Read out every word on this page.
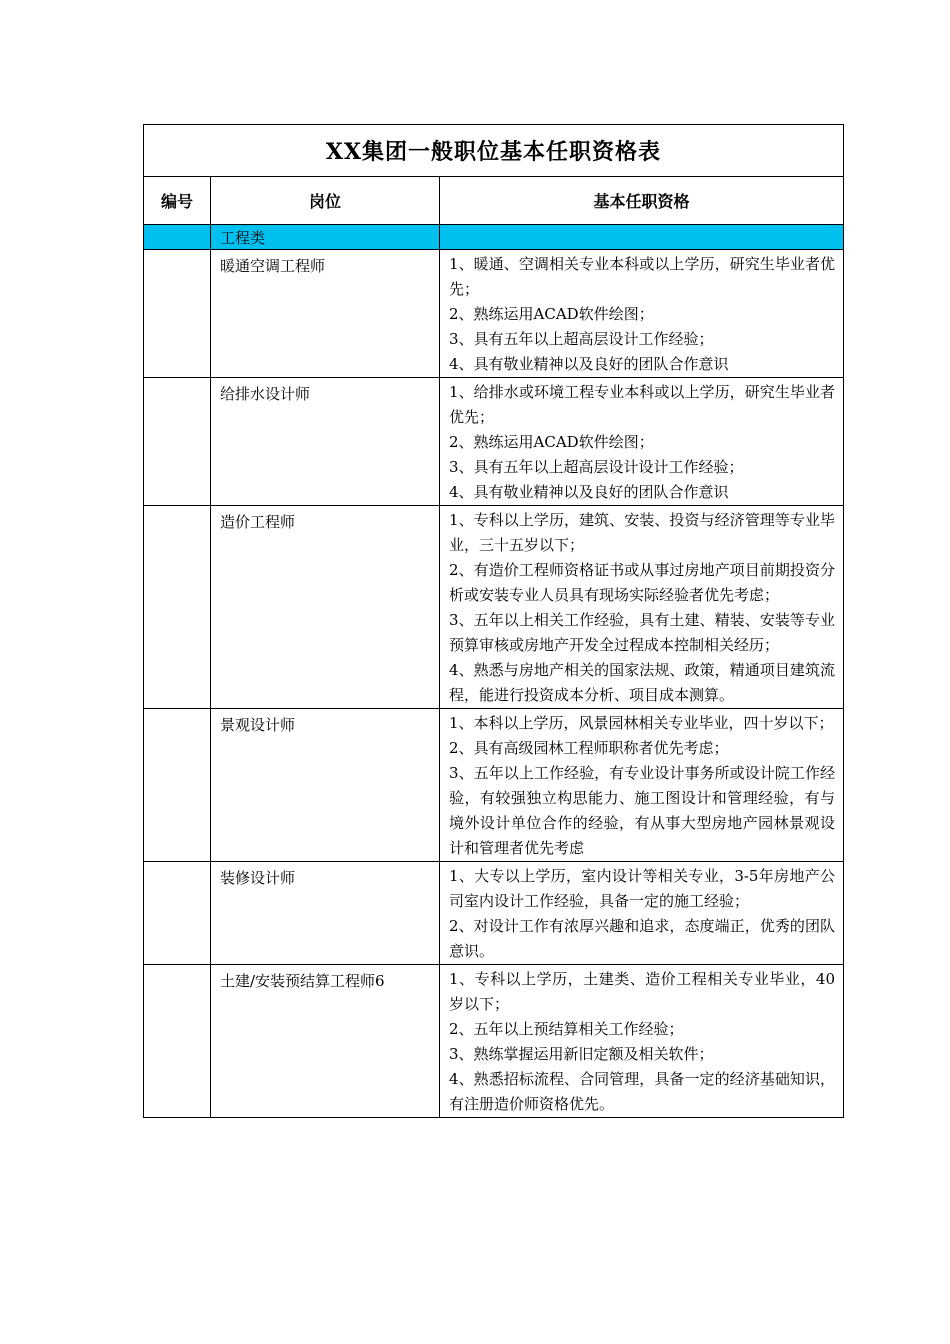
XX集团一般职位基本任职资格表		
编号	岗位	基本任职资格
	工程类	
	暖通空调工程师	1、暖通、空调相关专业本科或以上学历，研究生毕业者优先；
2、熟练运用ACAD软件绘图；
3、具有五年以上超高层设计工作经验；
4、具有敬业精神以及良好的团队合作意识

	给排水设计师	1、给排水或环境工程专业本科或以上学历，研究生毕业者优先；
2、熟练运用ACAD软件绘图；
3、具有五年以上超高层设计设计工作经验；
4、具有敬业精神以及良好的团队合作意识

	造价工程师	1、专科以上学历，建筑、安装、投资与经济管理等专业毕业，三十五岁以下；
2、有造价工程师资格证书或从事过房地产项目前期投资分析或安装专业人员具有现场实际经验者优先考虑；
3、五年以上相关工作经验，具有土建、精装、安装等专业预算审核或房地产开发全过程成本控制相关经历；
4、熟悉与房地产相关的国家法规、政策，精通项目建筑流程，能进行投资成本分析、项目成本测算。

	景观设计师	1、本科以上学历，风景园林相关专业毕业，四十岁以下；
2、具有高级园林工程师职称者优先考虑；
3、五年以上工作经验，有专业设计事务所或设计院工作经验，有较强独立构思能力、施工图设计和管理经验，有与境外设计单位合作的经验，有从事大型房地产园林景观设计和管理者优先考虑

	装修设计师	1、大专以上学历，室内设计等相关专业，3-5年房地产公司室内设计工作经验，具备一定的施工经验；
2、对设计工作有浓厚兴趣和追求，态度端正，优秀的团队意识。

	土建/安装预结算工程师6	1、专科以上学历，土建类、造价工程相关专业毕业，40岁以下；
2、五年以上预结算相关工作经验；
3、熟练掌握运用新旧定额及相关软件；
4、熟悉招标流程、合同管理，具备一定的经济基础知识，有注册造价师资格优先。
